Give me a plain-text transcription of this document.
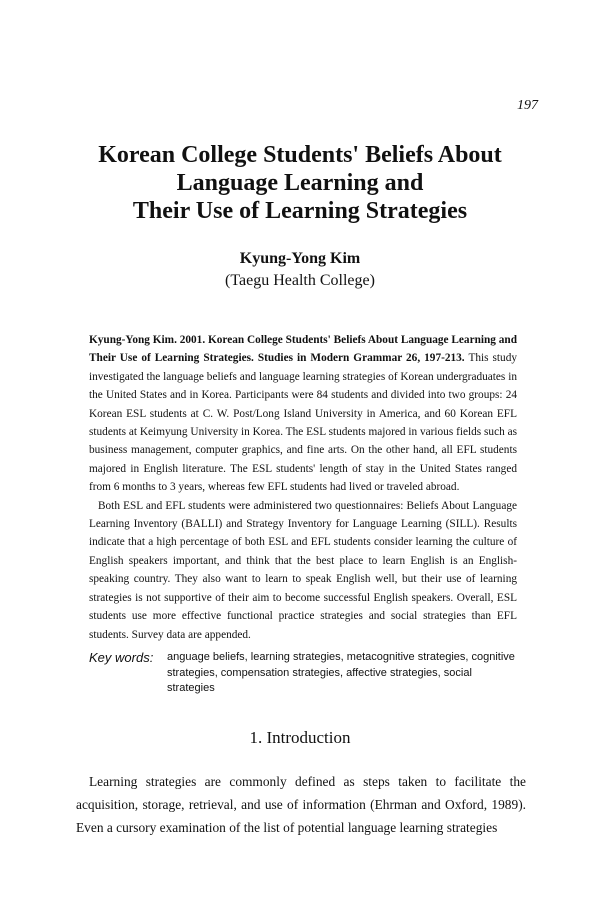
197
Korean College Students' Beliefs About
Language Learning and
Their Use of Learning Strategies
Kyung-Yong Kim
(Taegu Health College)

Kyung-Yong Kim. 2001. Korean College Students' Beliefs About Language Learning and Their Use of Learning Strategies. Studies in Modern Grammar 26, 197-213. This study investigated the language beliefs and language learning strategies of Korean undergraduates in the United States and in Korea. Participants were 84 students and divided into two groups: 24 Korean ESL students at C. W. Post/Long Island University in America, and 60 Korean EFL students at Keimyung University in Korea. The ESL students majored in various fields such as business management, computer graphics, and fine arts. On the other hand, all EFL students majored in English literature. The ESL students' length of stay in the United States ranged from 6 months to 3 years, whereas few EFL students had lived or traveled abroad.

Both ESL and EFL students were administered two questionnaires: Beliefs About Language Learning Inventory (BALLI) and Strategy Inventory for Language Learning (SILL). Results indicate that a high percentage of both ESL and EFL students consider learning the culture of English speakers important, and think that the best place to learn English is an English-speaking country. They also want to learn to speak English well, but their use of learning strategies is not supportive of their aim to become successful English speakers. Overall, ESL students use more effective functional practice strategies and social strategies than EFL students. Survey data are appended.

Key words: anguage beliefs, learning strategies, metacognitive strategies, cognitive strategies, compensation strategies, affective strategies, social strategies
1. Introduction

Learning strategies are commonly defined as steps taken to facilitate the acquisition, storage, retrieval, and use of information (Ehrman and Oxford, 1989). Even a cursory examination of the list of potential language learning strategies
